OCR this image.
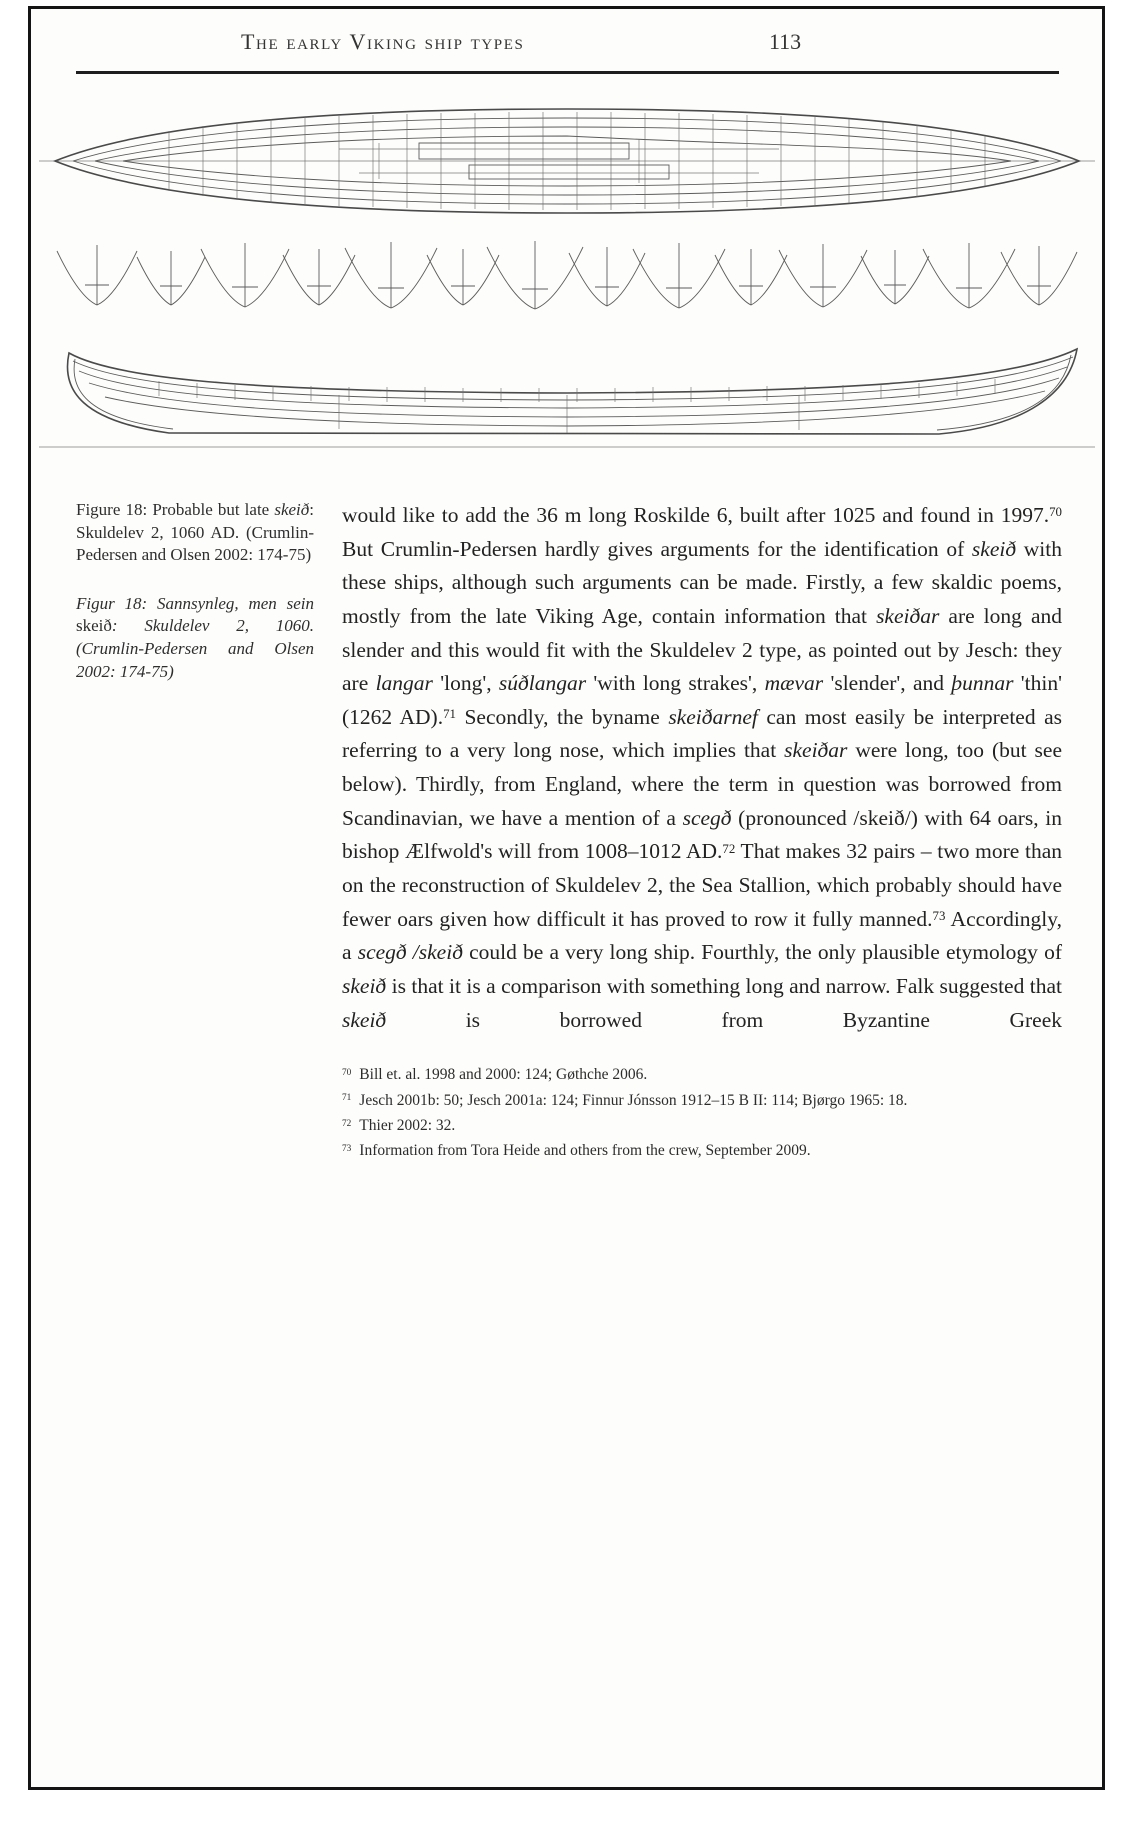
The early Viking ship types	113
Figure 18: Probable but late skeið: Skuldelev 2, 1060 AD. (Crumlin-Pedersen and Olsen 2002: 174-75)
Figur 18: Sannsynleg, men sein skeið: Skuldelev 2, 1060. (Crumlin-Pedersen and Olsen 2002: 174-75)
would like to add the 36 m long Roskilde 6, built after 1025 and found in 1997.70 But Crumlin-Pedersen hardly gives arguments for the identification of skeið with these ships, although such arguments can be made. Firstly, a few skaldic poems, mostly from the late Viking Age, contain information that skeiðar are long and slender and this would fit with the Skuldelev 2 type, as pointed out by Jesch: they are langar 'long', súðlangar 'with long strakes', mævar 'slender', and þunnar 'thin' (1262 AD).$^{71}$ Secondly, the byname skeiðarnef can most easily be interpreted as referring to a very long nose, which implies that skeiðar were long, too (but see below). Thirdly, from England, where the term in question was borrowed from Scandinavian, we have a mention of a scegð (pronounced /skeið/) with 64 oars, in bishop Ælfwold's will from 1008–1012 AD.$^{72}$ That makes 32 pairs – two more than on the reconstruction of Skuldelev 2, the Sea Stallion, which probably should have fewer oars given how difficult it has proved to row it fully manned.$^{73}$ Accordingly, a scegð /skeið could be a very long ship. Fourthly, the only plausible etymology of skeið is that it is a comparison with something long and narrow. Falk suggested that skeið is borrowed from Byzantine Greek
$^{70}$ Bill et. al. 1998 and 2000: 124; Gøthche 2006.
$^{71}$ Jesch 2001b: 50; Jesch 2001a: 124; Finnur Jónsson 1912–15 B II: 114; Bjørgo 1965: 18.
$^{72}$ Thier 2002: 32.
$^{73}$ Information from Tora Heide and others from the crew, September 2009.
